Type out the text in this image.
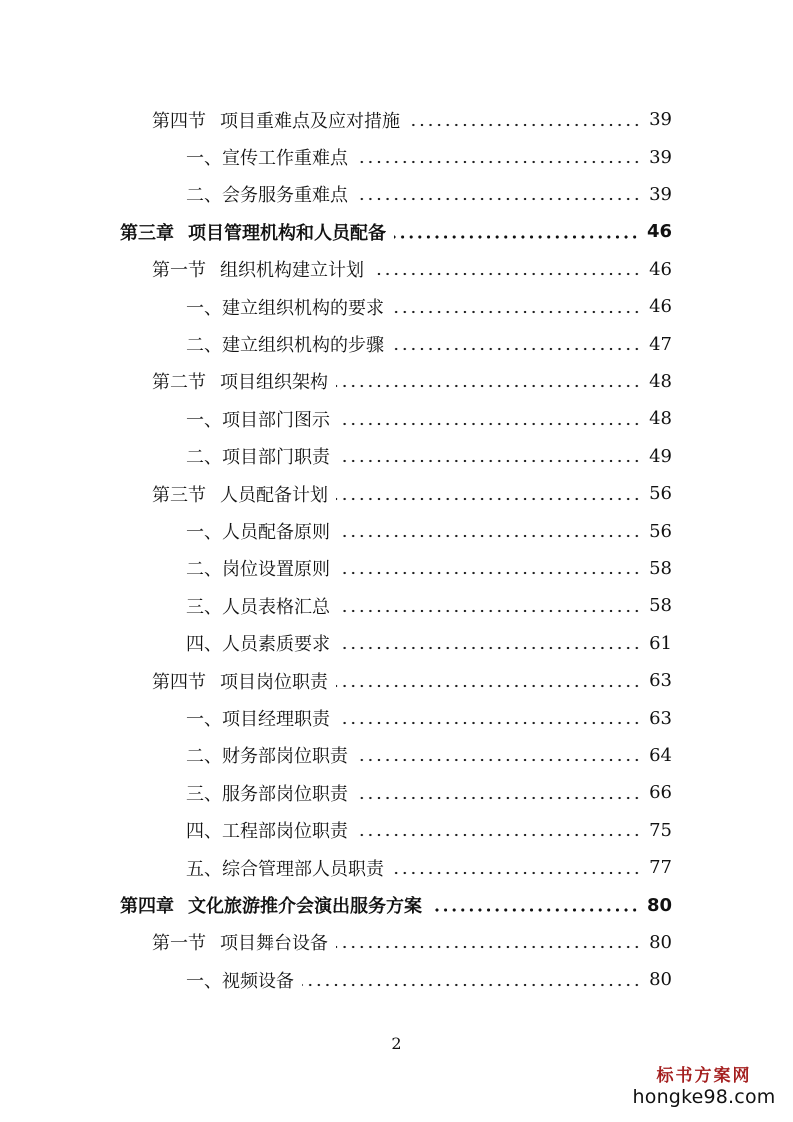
第四节 项目重难点及应对措施	39
一、 宣传工作重难点	39
二、 会务服务重难点	39
第三章 项目管理机构和人员配备	46
第一节 组织机构建立计划	46
一、 建立组织机构的要求	46
二、 建立组织机构的步骤	47
第二节 项目组织架构	48
一、 项目部门图示	48
二、 项目部门职责	49
第三节 人员配备计划	56
一、 人员配备原则	56
二、 岗位设置原则	58
三、 人员表格汇总	58
四、 人员素质要求	61
第四节 项目岗位职责	63
一、 项目经理职责	63
二、 财务部岗位职责	64
三、 服务部岗位职责	66
四、 工程部岗位职责	75
五、 综合管理部人员职责	77
第四章 文化旅游推介会演出服务方案	80
第一节 项目舞台设备	80
一、 视频设备	80
2
标书方案网
hongke98.com
